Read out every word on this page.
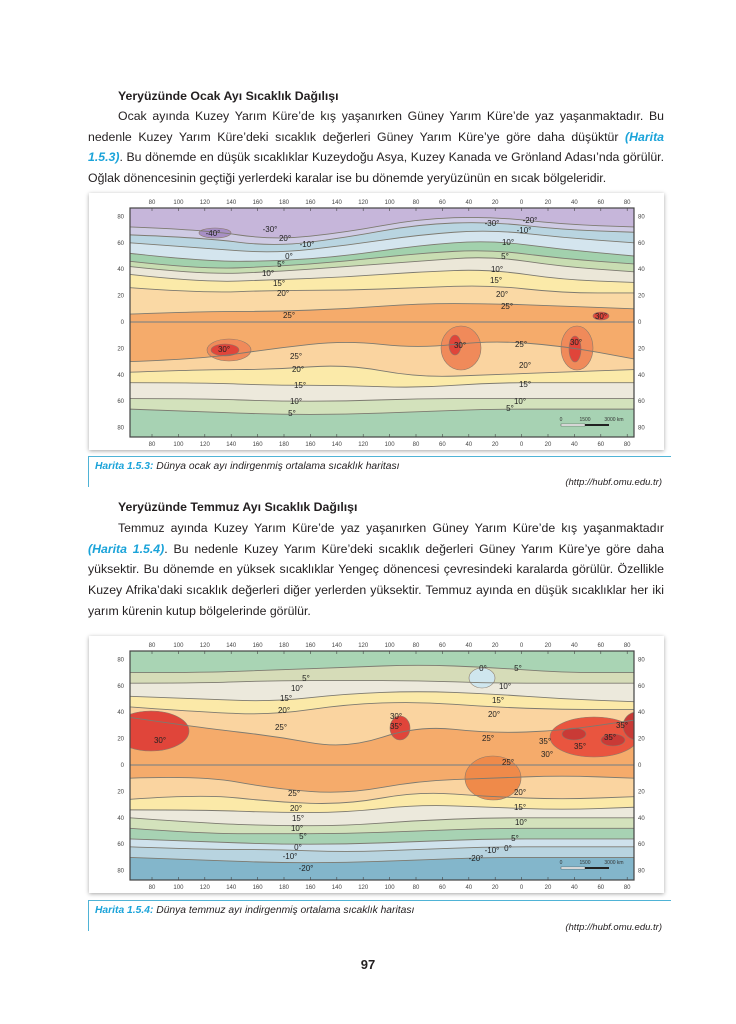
Yeryüzünde Ocak Ayı Sıcaklık Dağılışı
Ocak ayında Kuzey Yarım Küre’de kış yaşanırken Güney Yarım Küre’de yaz yaşanmaktadır. Bu nedenle Kuzey Yarım Küre’deki sıcaklık değerleri Güney Yarım Küre’ye göre daha düşüktür (Harita 1.5.3). Bu dönemde en düşük sıcaklıklar Kuzeydoğu Asya, Kuzey Kanada ve Grönland Adası’nda görülür. Oğlak dönencesinin geçtiği yerlerdeki karalar ise bu dönemde yeryüzünün en sıcak bölgeleridir.
80
80
100
100
120
120
140
140
160
160
180
180
160
160
140
140
120
120
100
100
80
80
60
60
40
40
20
20
0
0
20
20
40
40
60
60
80
80
80	80
60	60
40	40
20	20
0	0
20	20
40	40
60	60
80	80
-40°	-30°
20°
-10°
0°
5°
10°
15°
20°
25°
30°
25°
20°
15°
10°
5°
30°
-30°	-20°
-10°
10°
5°
10°
15°
20°
25°
30°
25°	30°
20°
15°
10°
5°
0	1500	3000 km
Harita 1.5.3: Dünya ocak ayı indirgenmiş ortalama sıcaklık haritası
(http://hubf.omu.edu.tr)
Yeryüzünde Temmuz Ayı Sıcaklık Dağılışı
Temmuz ayında Kuzey Yarım Küre’de yaz yaşanırken Güney Yarım Küre’de kış yaşanmaktadır (Harita 1.5.4). Bu nedenle Kuzey Yarım Küre’deki sıcaklık değerleri Güney Yarım Küre’ye göre daha yüksektir. Bu dönemde en yüksek sıcaklıklar Yengeç dönencesi çevresindeki karalarda görülür. Özellikle Kuzey Afrika’daki sıcaklık değerleri diğer yerlerden yüksektir. Temmuz ayında en düşük sıcaklıklar her iki yarım kürenin kutup bölgelerinde görülür.
80
80
100
100
120
120
140
140
160
160
180
180
160
160
140
140
120
120
100
100
80
80
60
60
40
40
20
20
0
0
20
20
40
40
60
60
80
80
80	80
60	60
40	40
20	20
0	0
20	20
40	40
60	60
80	80
5°
10°
15°
20°
25°
30°
25°
20°
15°
10°
5°
0°
-10°
-20°
0°	5°
10°
15°
20°
30°
35°
25°
25°
35°
35°
30°
35°
35°
20°
15°
10°
5°
0°
-10°
-20°	0	1500	3000 km
Harita 1.5.4: Dünya temmuz ayı indirgenmiş ortalama sıcaklık haritası
(http://hubf.omu.edu.tr)
97
